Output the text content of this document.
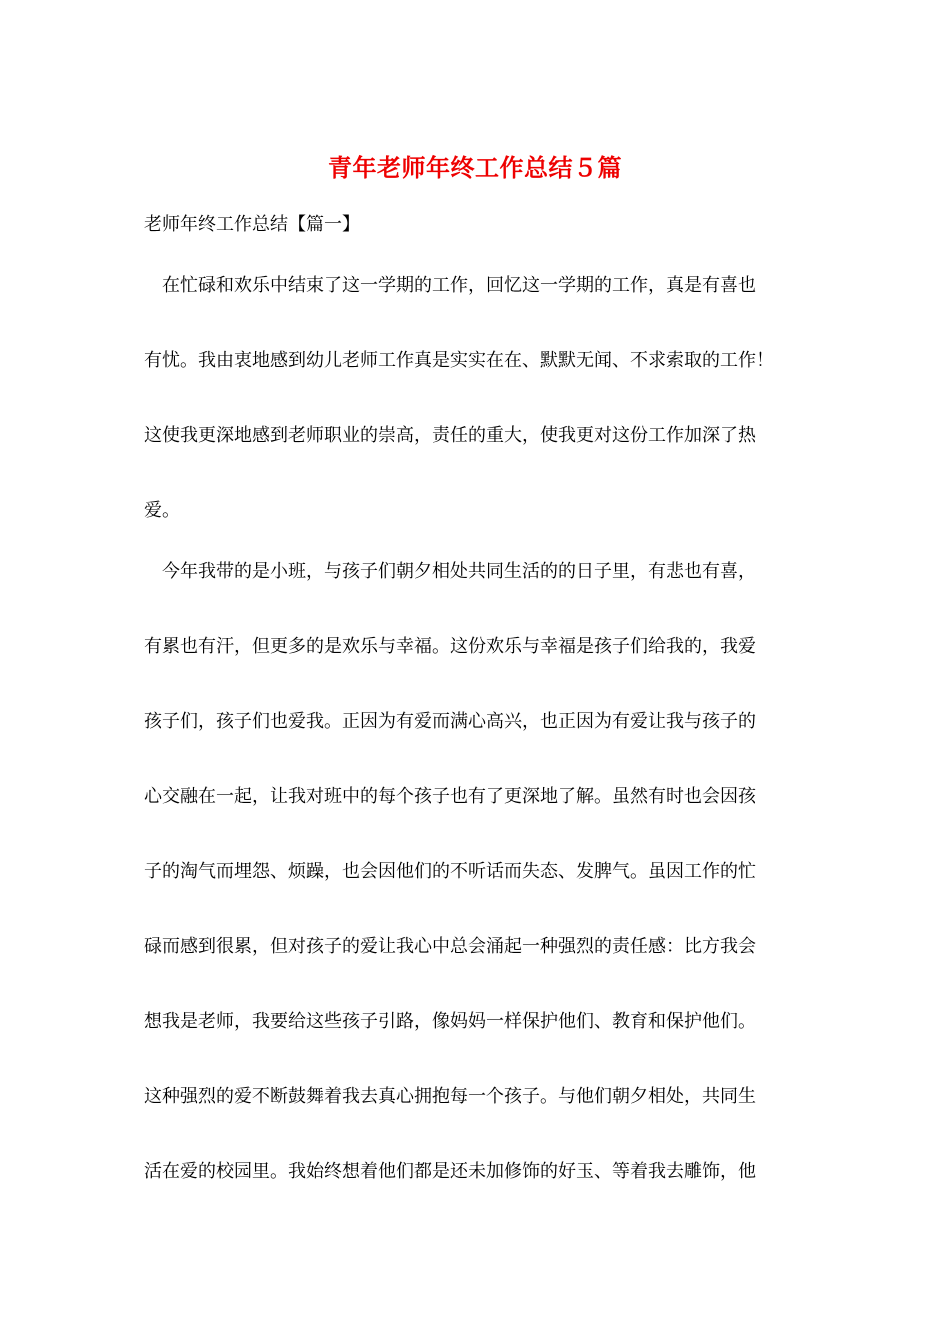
青年老师年终工作总结５篇
老师年终工作总结【篇一】
在忙碌和欢乐中结束了这一学期的工作，回忆这一学期的工作，真是有喜也
有忧。我由衷地感到幼儿老师工作真是实实在在、默默无闻、不求索取的工作！
这使我更深地感到老师职业的崇高，责任的重大，使我更对这份工作加深了热
爱。
今年我带的是小班，与孩子们朝夕相处共同生活的的日子里，有悲也有喜，
有累也有汗，但更多的是欢乐与幸福。这份欢乐与幸福是孩子们给我的，我爱
孩子们，孩子们也爱我。正因为有爱而满心高兴，也正因为有爱让我与孩子的
心交融在一起，让我对班中的每个孩子也有了更深地了解。虽然有时也会因孩
子的淘气而埋怨、烦躁，也会因他们的不听话而失态、发脾气。虽因工作的忙
碌而感到很累，但对孩子的爱让我心中总会涌起一种强烈的责任感：比方我会
想我是老师，我要给这些孩子引路，像妈妈一样保护他们、教育和保护他们。
这种强烈的爱不断鼓舞着我去真心拥抱每一个孩子。与他们朝夕相处，共同生
活在爱的校园里。我始终想着他们都是还未加修饰的好玉、等着我去雕饰，他
